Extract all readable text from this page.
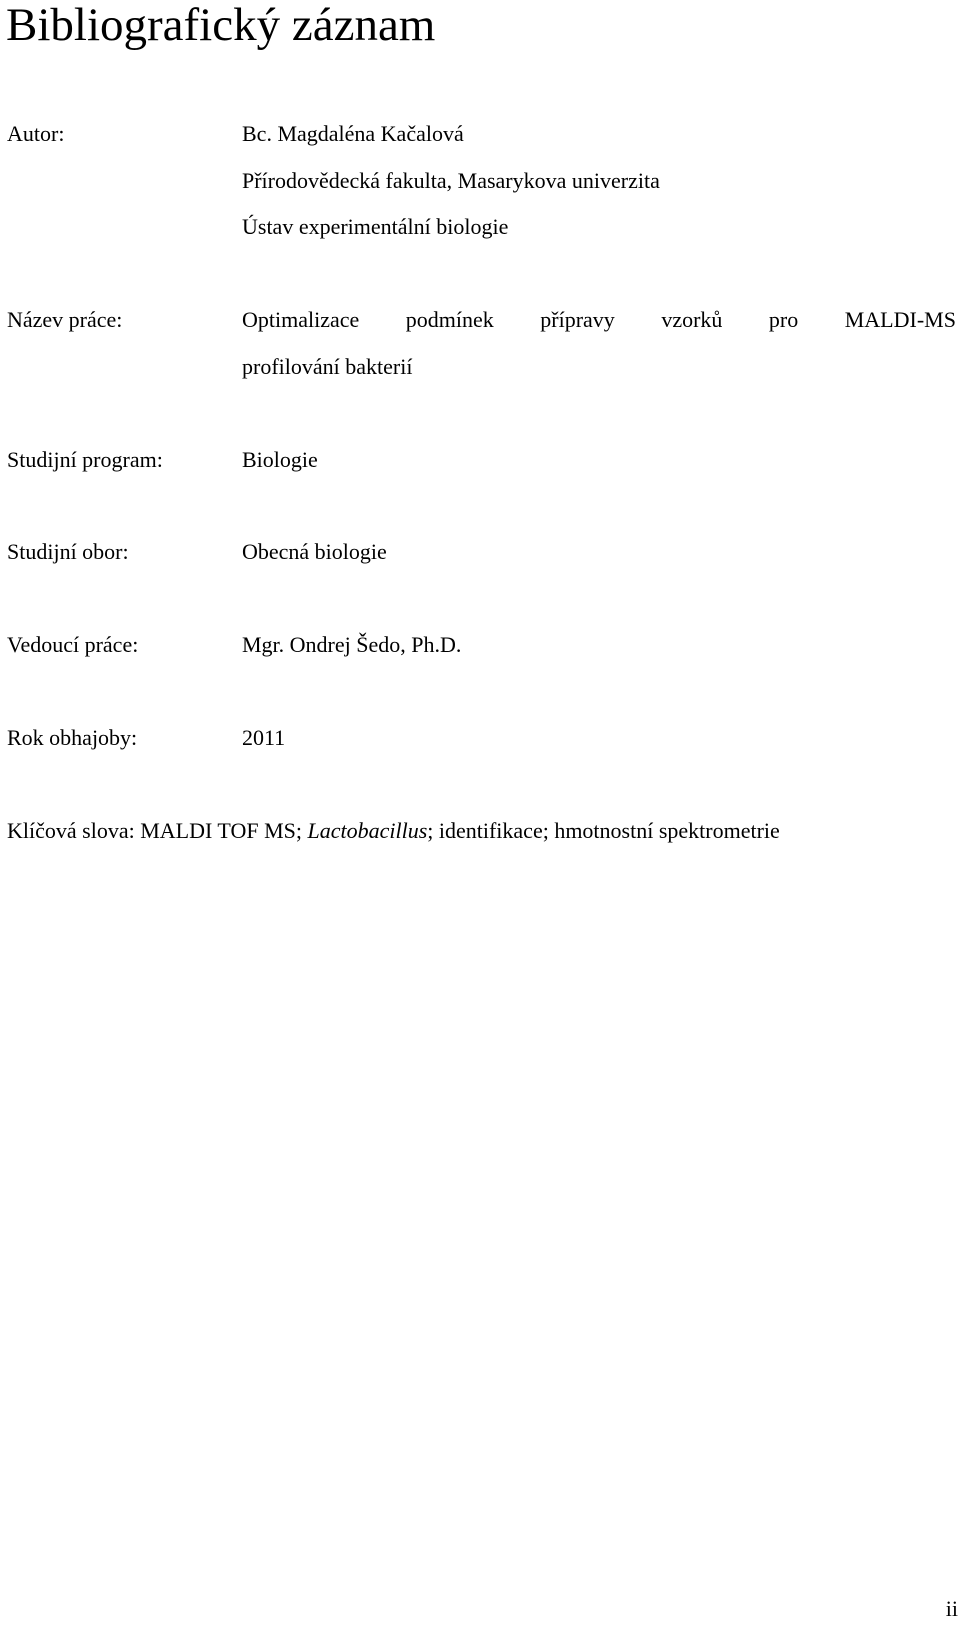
Bibliografický záznam
Autor:	Bc. Magdaléna Kačalová
Přírodovědecká fakulta, Masarykova univerzita
Ústav experimentální biologie
Název práce:	Optimalizace podmínek přípravy vzorků pro MALDI-MS
profilování bakterií
Studijní program:	Biologie
Studijní obor:	Obecná biologie
Vedoucí práce:	Mgr. Ondrej Šedo, Ph.D.
Rok obhajoby:	2011
Klíčová slova: MALDI TOF MS; Lactobacillus; identifikace; hmotnostní spektrometrie
ii
